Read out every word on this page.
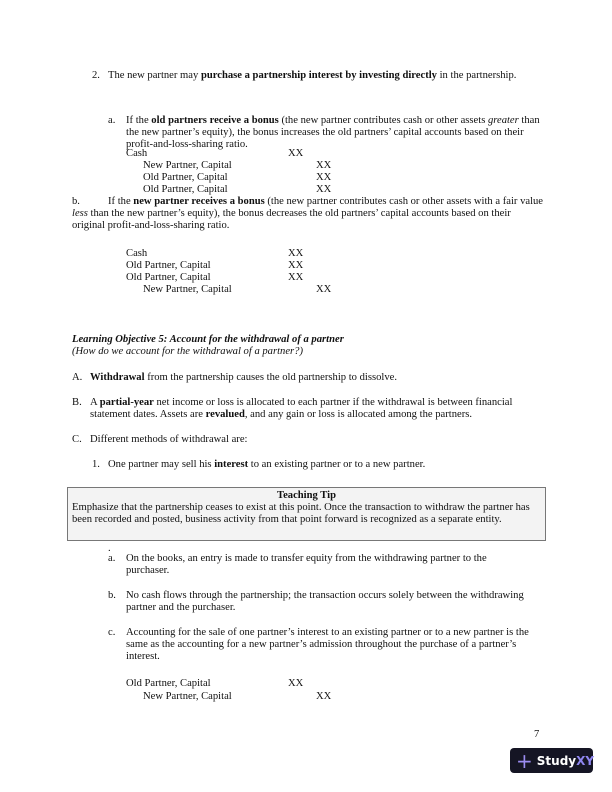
2. The new partner may purchase a partnership interest by investing directly in the partnership.
a. If the old partners receive a bonus (the new partner contributes cash or other assets greater than the new partner’s equity), the bonus increases the old partners’ capital accounts based on their profit-and-loss-sharing ratio.
Cash	XX
New Partner, Capital	XX
Old Partner, Capital	XX
Old Partner, Capital	XX
b.	If the new partner receives a bonus (the new partner contributes cash or other assets with a fair value less than the new partner’s equity), the bonus decreases the old partners’ capital accounts based on their original profit-and-loss-sharing ratio.
Cash	XX
Old Partner, Capital	XX
Old Partner, Capital	XX
New Partner, Capital	XX
Learning Objective 5: Account for the withdrawal of a partner
(How do we account for the withdrawal of a partner?)
A. Withdrawal from the partnership causes the old partnership to dissolve.
B. A partial-year net income or loss is allocated to each partner if the withdrawal is between financial statement dates. Assets are revalued, and any gain or loss is allocated among the partners.
C. Different methods of withdrawal are:
1. One partner may sell his interest to an existing partner or to a new partner.
Teaching Tip
Emphasize that the partnership ceases to exist at this point. Once the transaction to withdraw the partner has been recorded and posted, business activity from that point forward is recognized as a separate entity.
.
a. On the books, an entry is made to transfer equity from the withdrawing partner to the purchaser.
b. No cash flows through the partnership; the transaction occurs solely between the withdrawing partner and the purchaser.
c. Accounting for the sale of one partner’s interest to an existing partner or to a new partner is the same as the accounting for a new partner’s admission throughout the purchase of a partner’s interest.
Old Partner, Capital	XX
New Partner, Capital	XX
7
+ Study XY
